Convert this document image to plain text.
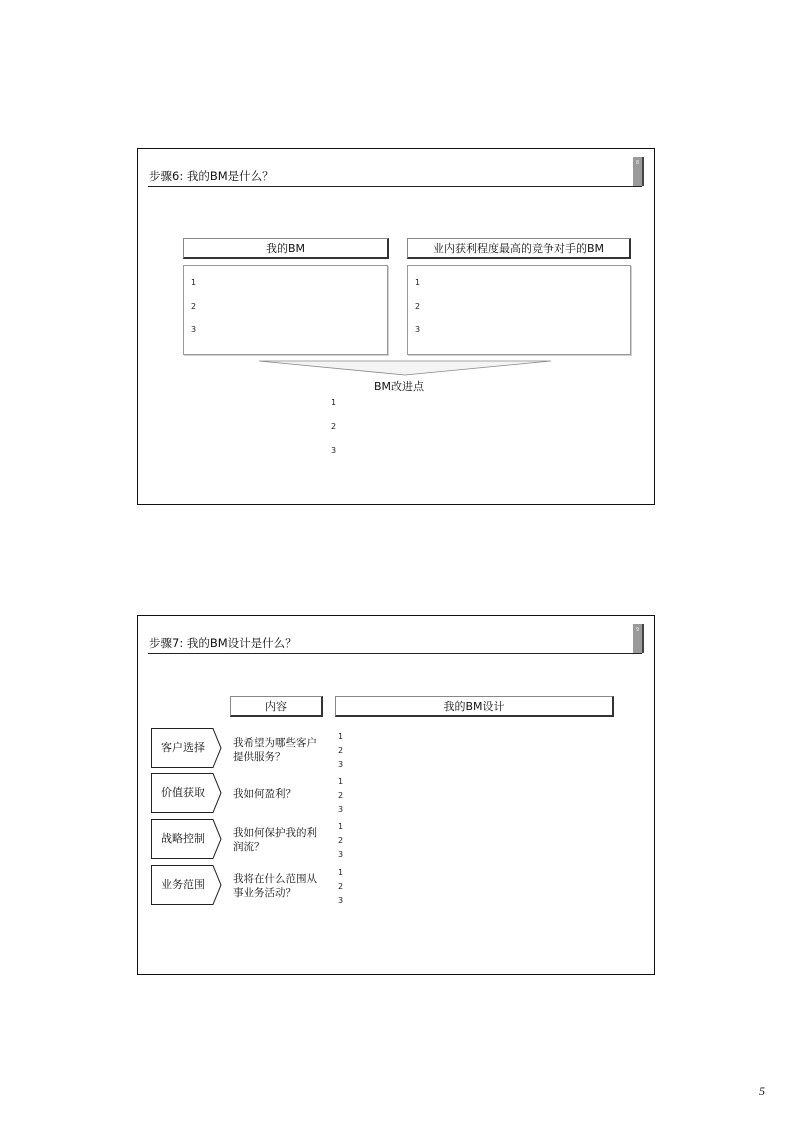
步骤6: 我的BM是什么？
8
我的BM	业内获利程度最高的竞争对手的BM
1
2
3
1
2
3
BM改进点
1
2
3
步骤7: 我的BM设计是什么？
9
内容	我的BM设计
客户选择	我希望为哪些客户提供服务？
1
2
3
价值获取	我如何盈利？
1
2
3
战略控制	我如何保护我的利润流？
1
2
3
业务范围	我将在什么范围从事业务活动？
1
2
3
5
